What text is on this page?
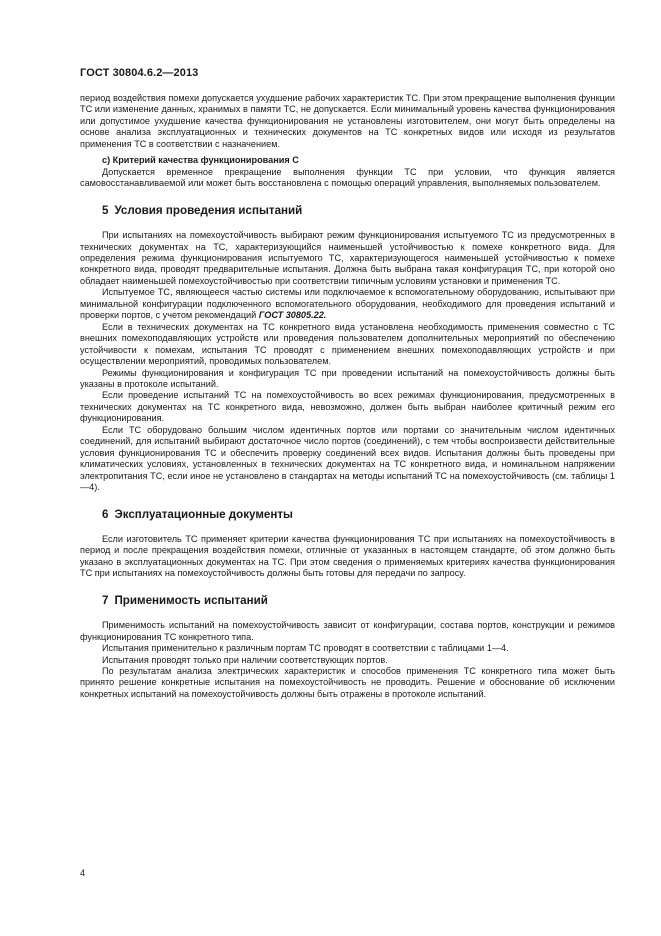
ГОСТ 30804.6.2—2013

период воздействия помехи допускается ухудшение рабочих характеристик ТС. При этом прекращение выполнения функции ТС или изменение данных, хранимых в памяти ТС, не допускается. Если минимальный уровень качества функционирования или допустимое ухудшение качества функционирования не установлены изготовителем, они могут быть определены на основе анализа эксплуатационных и технических документов на ТС конкретных видов или исходя из результатов применения ТС в соответствии с назначением.

с) Критерий качества функционирования С

Допускается временное прекращение выполнения функции ТС при условии, что функция является самовосстанавливаемой или может быть восстановлена с помощью операций управления, выполняемых пользователем.

5 Условия проведения испытаний

При испытаниях на помехоустойчивость выбирают режим функционирования испытуемого ТС из предусмотренных в технических документах на ТС, характеризующийся наименьшей устойчивостью к помехе конкретного вида. Для определения режима функционирования испытуемого ТС, характеризующегося наименьшей устойчивостью к помехе конкретного вида, проводят предварительные испытания. Должна быть выбрана такая конфигурация ТС, при которой оно обладает наименьшей помехоустойчивостью при соответствии типичным условиям установки и применения ТС.

Испытуемое ТС, являющееся частью системы или подключаемое к вспомогательному оборудованию, испытывают при минимальной конфигурации подключенного вспомогательного оборудования, необходимого для проведения испытаний и проверки портов, с учетом рекомендаций ГОСТ 30805.22.

Если в технических документах на ТС конкретного вида установлена необходимость применения совместно с ТС внешних помехоподавляющих устройств или проведения пользователем дополнительных мероприятий по обеспечению устойчивости к помехам, испытания ТС проводят с применением внешних помехоподавляющих устройств и при осуществлении мероприятий, проводимых пользователем.

Режимы функционирования и конфигурация ТС при проведении испытаний на помехоустойчивость должны быть указаны в протоколе испытаний.

Если проведение испытаний ТС на помехоустойчивость во всех режимах функционирования, предусмотренных в технических документах на ТС конкретного вида, невозможно, должен быть выбран наиболее критичный режим его функционирования.

Если ТС оборудовано большим числом идентичных портов или портами со значительным числом идентичных соединений, для испытаний выбирают достаточное число портов (соединений), с тем чтобы воспроизвести действительные условия функционирования ТС и обеспечить проверку соединений всех видов. Испытания должны быть проведены при климатических условиях, установленных в технических документах на ТС конкретного вида, и номинальном напряжении электропитания ТС, если иное не установлено в стандартах на методы испытаний ТС на помехоустойчивость (см. таблицы 1—4).

6 Эксплуатационные документы

Если изготовитель ТС применяет критерии качества функционирования ТС при испытаниях на помехоустойчивость в период и после прекращения воздействия помехи, отличные от указанных в настоящем стандарте, об этом должно быть указано в эксплуатационных документах на ТС. При этом сведения о применяемых критериях качества функционирования ТС при испытаниях на помехоустойчивость должны быть готовы для передачи по запросу.

7 Применимость испытаний

Применимость испытаний на помехоустойчивость зависит от конфигурации, состава портов, конструкции и режимов функционирования ТС конкретного типа.

Испытания применительно к различным портам ТС проводят в соответствии с таблицами 1—4.

Испытания проводят только при наличии соответствующих портов.

По результатам анализа электрических характеристик и способов применения ТС конкретного типа может быть принято решение конкретные испытания на помехоустойчивость не проводить. Решение и обоснование об исключении конкретных испытаний на помехоустойчивость должны быть отражены в протоколе испытаний.

4
